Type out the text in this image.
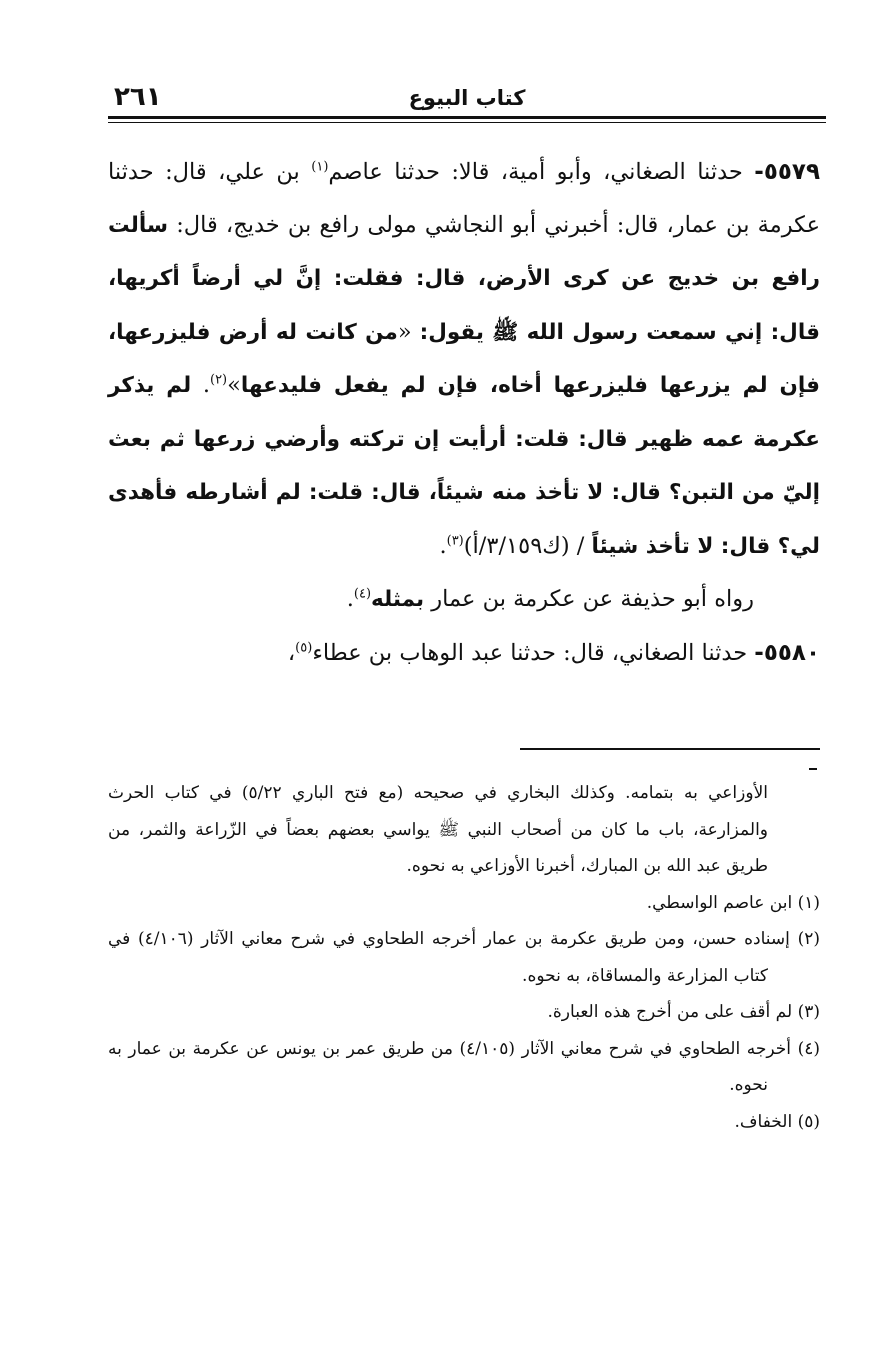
كتاب البيوع
٢٦١

٥٥٧٩- حدثنا الصغاني، وأبو أمية، قالا: حدثنا عاصم$^{(١)}$ بن علي، قال: حدثنا عكرمة بن عمار، قال: أخبرني أبو النجاشي مولى رافع بن خديج، قال: سألت رافع بن خديج عن كرى الأرض، قال: فقلت: إنَّ لي أرضاً أكريها، قال: إني سمعت رسول الله ﷺ يقول: «من كانت له أرض فليزرعها، فإن لم يزرعها فليزرعها أخاه، فإن لم يفعل فليدعها»$^{(٢)}$. لم يذكر عكرمة عمه ظهير قال: قلت: أرأيت إن تركته وأرضي زرعها ثم بعث إليّ من التبن؟ قال: لا تأخذ منه شيئاً، قال: قلت: لم أشارطه فأهدى لي؟ قال: لا تأخذ شيئاً / (ك٣/١٥٩/أ)$^{(٣)}$.

رواه أبو حذيفة عن عكرمة بن عمار بمثله$^{(٤)}$.

٥٥٨٠- حدثنا الصغاني، قال: حدثنا عبد الوهاب بن عطاء$^{(٥)}$،

الأوزاعي به بتمامه. وكذلك البخاري في صحيحه (مع فتح الباري ٥/٢٢) في كتاب الحرث والمزارعة، باب ما كان من أصحاب النبي ﷺ يواسي بعضهم بعضاً في الزّراعة والثمر، من طريق عبد الله بن المبارك، أخبرنا الأوزاعي به نحوه.

(١) ابن عاصم الواسطي.

(٢) إسناده حسن، ومن طريق عكرمة بن عمار أخرجه الطحاوي في شرح معاني الآثار (٤/١٠٦) في كتاب المزارعة والمساقاة، به نحوه.

(٣) لم أقف على من أخرج هذه العبارة.

(٤) أخرجه الطحاوي في شرح معاني الآثار (٤/١٠٥) من طريق عمر بن يونس عن عكرمة بن عمار به نحوه.

(٥) الخفاف.
